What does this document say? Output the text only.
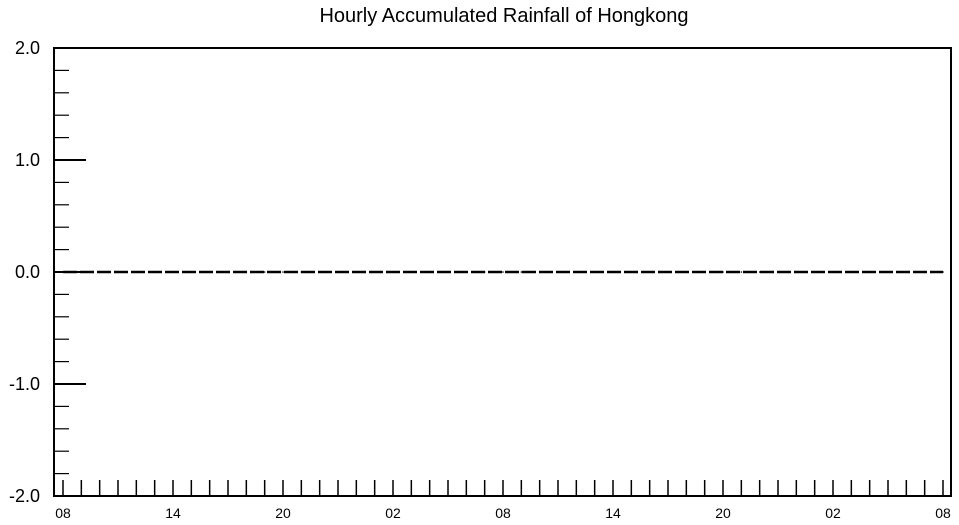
Hourly Accumulated Rainfall of Hongkong
2.0
1.0
0.0
-1.0
-2.0
08	14	20	02	08	14	20	02	08
